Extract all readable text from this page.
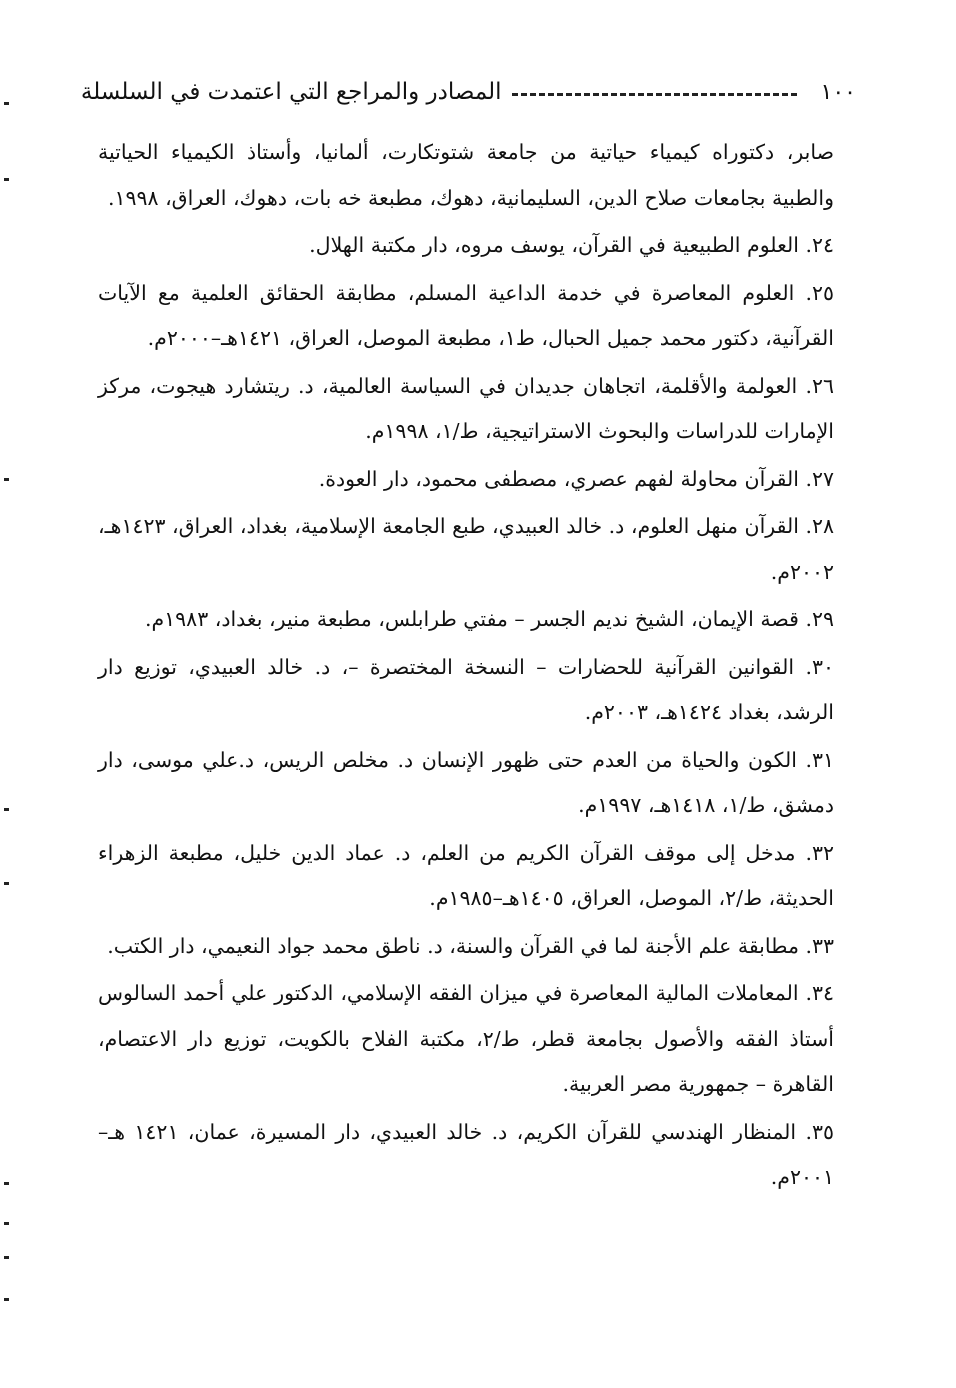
١٠٠
المصادر والمراجع التي اعتمدت في السلسلة

صابر، دكتوراه كيمياء حياتية من جامعة شتوتكارت، ألمانيا، وأستاذ الكيمياء الحياتية والطبية بجامعات صلاح الدين، السليمانية، دهوك، مطبعة خه بات، دهوك، العراق، ١٩٩٨.

٢٤. العلوم الطبيعية في القرآن، يوسف مروه، دار مكتبة الهلال.

٢٥. العلوم المعاصرة في خدمة الداعية المسلم، مطابقة الحقائق العلمية مع الآيات القرآنية، دكتور محمد جميل الحبال، ط١، مطبعة الموصل، العراق، ١٤٢١هـ–٢٠٠٠م.

٢٦. العولمة والأقلمة، اتجاهان جديدان في السياسة العالمية، د. ريتشارد هيجوت، مركز الإمارات للدراسات والبحوث الاستراتيجية، ط/١، ١٩٩٨م.

٢٧. القرآن محاولة لفهم عصري، مصطفى محمود، دار العودة.

٢٨. القرآن منهل العلوم، د. خالد العبيدي، طبع الجامعة الإسلامية، بغداد، العراق، ١٤٢٣هـ، ٢٠٠٢م.

٢٩. قصة الإيمان، الشيخ نديم الجسر – مفتي طرابلس، مطبعة منير، بغداد، ١٩٨٣م.

٣٠. القوانين القرآنية للحضارات – النسخة المختصرة –، د. خالد العبيدي، توزيع دار الرشد، بغداد ١٤٢٤هـ، ٢٠٠٣م.

٣١. الكون والحياة من العدم حتى ظهور الإنسان د. مخلص الريس، د.علي موسى، دار دمشق، ط/١، ١٤١٨هـ، ١٩٩٧م.

٣٢. مدخل إلى موقف القرآن الكريم من العلم، د. عماد الدين خليل، مطبعة الزهراء الحديثة، ط/٢، الموصل، العراق، ١٤٠٥هـ–١٩٨٥م.

٣٣. مطابقة علم الأجنة لما في القرآن والسنة، د. ناطق محمد جواد النعيمي، دار الكتب.

٣٤. المعاملات المالية المعاصرة في ميزان الفقه الإسلامي، الدكتور علي أحمد السالوس أستاذ الفقه والأصول بجامعة قطر، ط/٢، مكتبة الفلاح بالكويت، توزيع دار الاعتصام، القاهرة – جمهورية مصر العربية.

٣٥. المنظار الهندسي للقرآن الكريم، د. خالد العبيدي، دار المسيرة، عمان، ١٤٢١ هـ– ٢٠٠١م.
